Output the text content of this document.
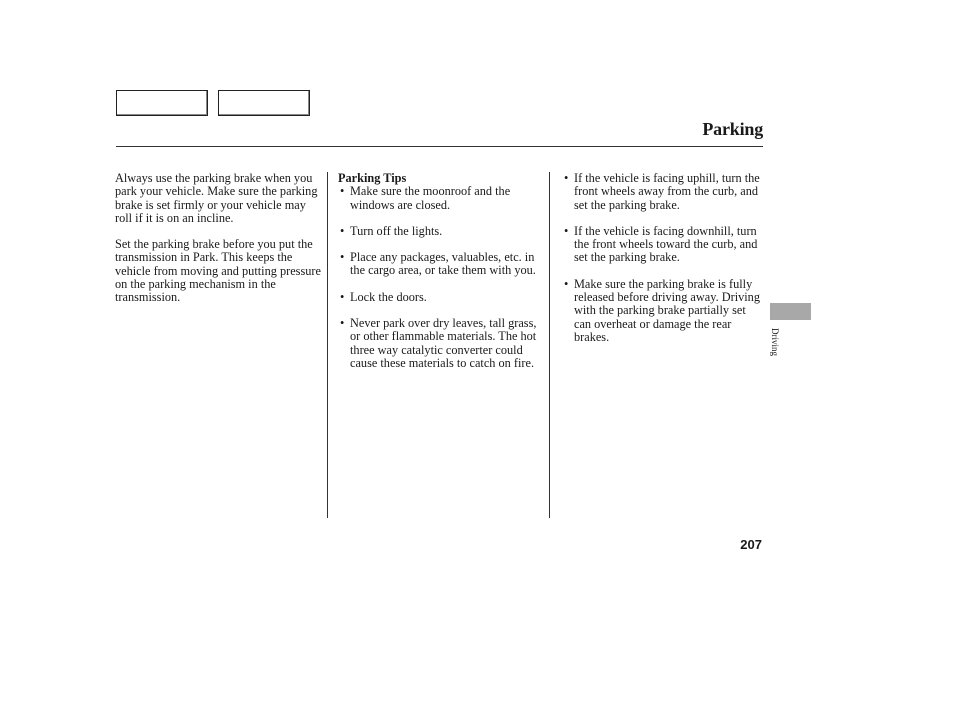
Parking

Always use the parking brake when you park your vehicle. Make sure the parking brake is set firmly or your vehicle may roll if it is on an incline.

Set the parking brake before you put the transmission in Park. This keeps the vehicle from moving and putting pressure on the parking mechanism in the transmission.

Parking Tips
• Make sure the moonroof and the windows are closed.
• Turn off the lights.
• Place any packages, valuables, etc. in the cargo area, or take them with you.
• Lock the doors.
• Never park over dry leaves, tall grass, or other flammable materials. The hot three way catalytic converter could cause these materials to catch on fire.
• If the vehicle is facing uphill, turn the front wheels away from the curb, and set the parking brake.
• If the vehicle is facing downhill, turn the front wheels toward the curb, and set the parking brake.
• Make sure the parking brake is fully released before driving away. Driving with the parking brake partially set can overheat or damage the rear brakes.	Driving
207
